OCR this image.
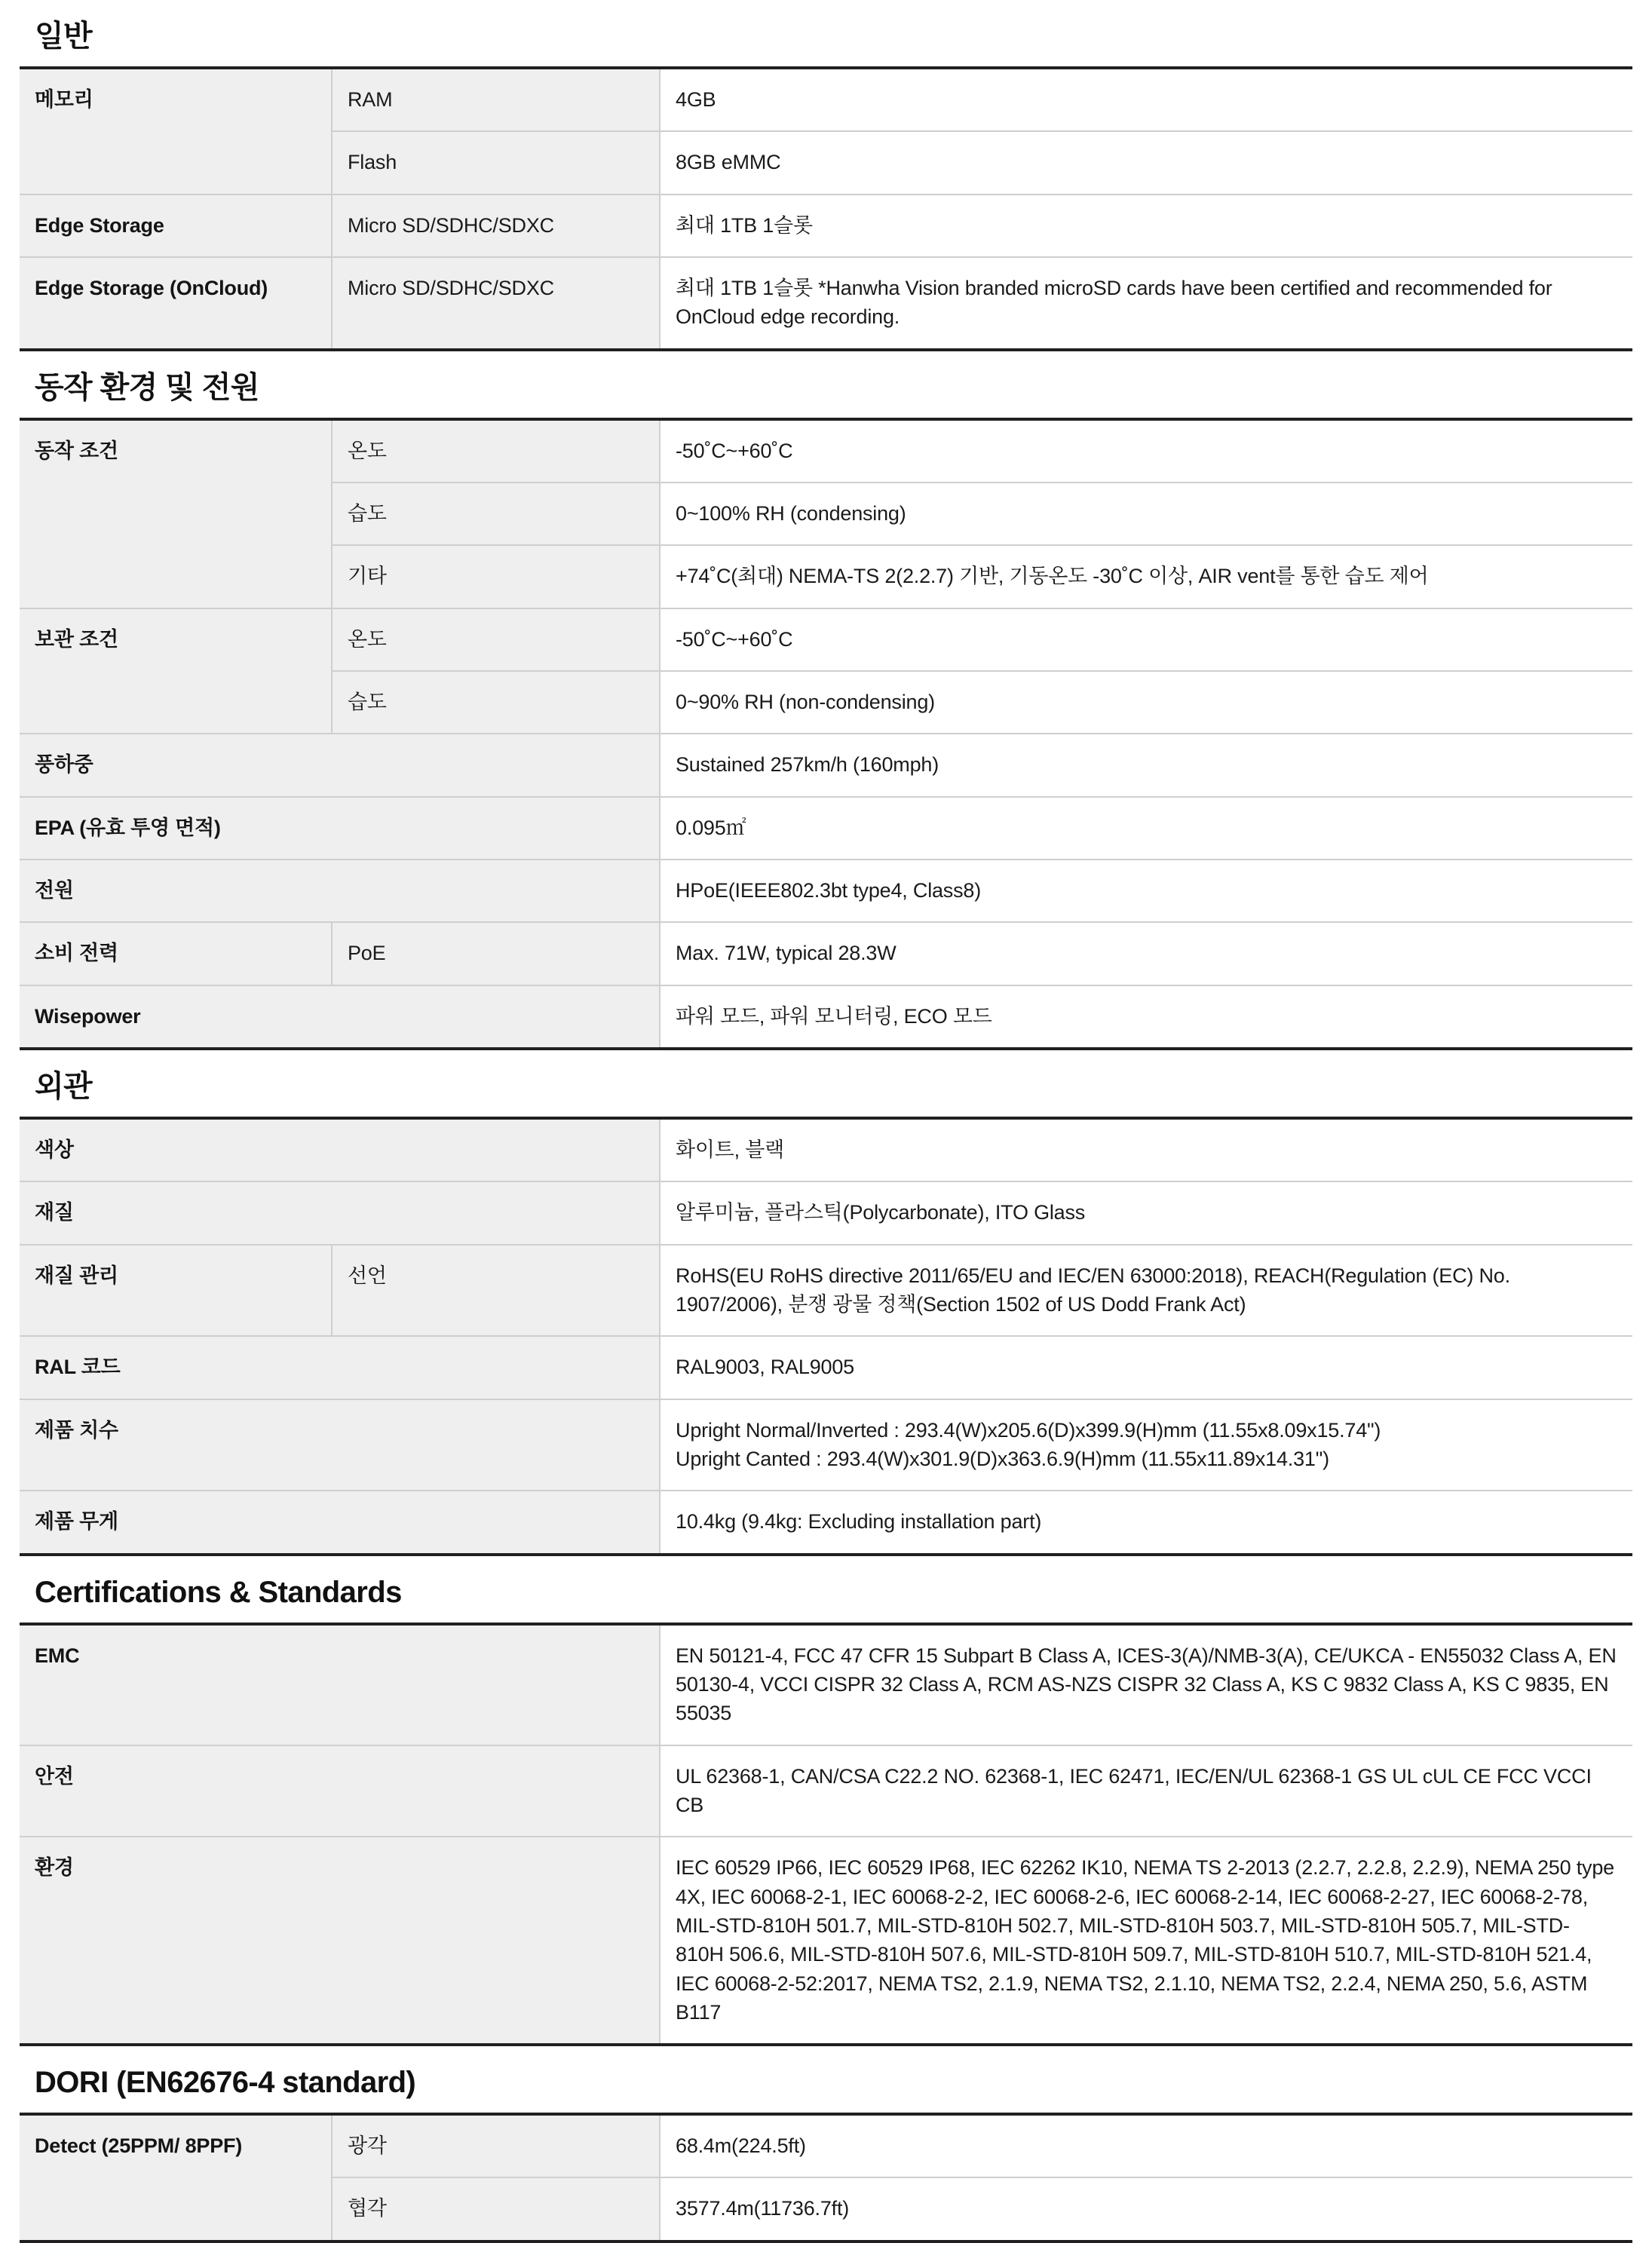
일반
메모리	RAM	4GB
	Flash	8GB eMMC
Edge Storage	Micro SD/SDHC/SDXC	최대 1TB 1슬롯
Edge Storage (OnCloud)	Micro SD/SDHC/SDXC	최대 1TB 1슬롯 *Hanwha Vision branded microSD cards have been certified and recommended for OnCloud edge recording.
동작 환경 및 전원
동작 조건	온도	-50˚C~+60˚C
	습도	0~100% RH (condensing)
	기타	+74˚C(최대) NEMA-TS 2(2.2.7) 기반, 기동온도 -30˚C 이상, AIR vent를 통한 습도 제어
보관 조건	온도	-50˚C~+60˚C
	습도	0~90% RH (non-condensing)
풍하중		Sustained 257km/h (160mph)
EPA (유효 투영 면적)		0.095㎡
전원		HPoE(IEEE802.3bt type4, Class8)
소비 전력	PoE	Max. 71W, typical 28.3W
Wisepower		파워 모드, 파워 모니터링, ECO 모드
외관
색상		화이트, 블랙
재질		알루미늄, 플라스틱(Polycarbonate), ITO Glass
재질 관리	선언	RoHS(EU RoHS directive 2011/65/EU and IEC/EN 63000:2018), REACH(Regulation (EC) No. 1907/2006), 분쟁 광물 정책(Section 1502 of US Dodd Frank Act)
RAL 코드		RAL9003, RAL9005
제품 치수		Upright Normal/Inverted : 293.4(W)x205.6(D)x399.9(H)mm (11.55x8.09x15.74")
Upright Canted : 293.4(W)x301.9(D)x363.6.9(H)mm (11.55x11.89x14.31")

제품 무게		10.4kg (9.4kg: Excluding installation part)
Certifications & Standards
EMC	EN 50121-4, FCC 47 CFR 15 Subpart B Class A, ICES-3(A)/NMB-3(A), CE/UKCA - EN55032 Class A, EN 50130-4, VCCI CISPR 32 Class A, RCM AS-NZS CISPR 32 Class A, KS C 9832 Class A, KS C 9835, EN 55035
안전	UL 62368-1, CAN/CSA C22.2 NO. 62368-1, IEC 62471, IEC/EN/UL 62368-1 GS UL cUL CE FCC VCCI CB
환경	IEC 60529 IP66, IEC 60529 IP68, IEC 62262 IK10, NEMA TS 2-2013 (2.2.7, 2.2.8, 2.2.9), NEMA 250 type 4X, IEC 60068-2-1, IEC 60068-2-2, IEC 60068-2-6, IEC 60068-2-14, IEC 60068-2-27, IEC 60068-2-78, MIL-STD-810H 501.7, MIL-STD-810H 502.7, MIL-STD-810H 503.7, MIL-STD-810H 505.7, MIL-STD-810H 506.6, MIL-STD-810H 507.6, MIL-STD-810H 509.7, MIL-STD-810H 510.7, MIL-STD-810H 521.4, IEC 60068-2-52:2017, NEMA TS2, 2.1.9, NEMA TS2, 2.1.10, NEMA TS2, 2.2.4, NEMA 250, 5.6, ASTM B117
DORI (EN62676-4 standard)
Detect (25PPM/ 8PPF)	광각	68.4m(224.5ft)
	협각	3577.4m(11736.7ft)
